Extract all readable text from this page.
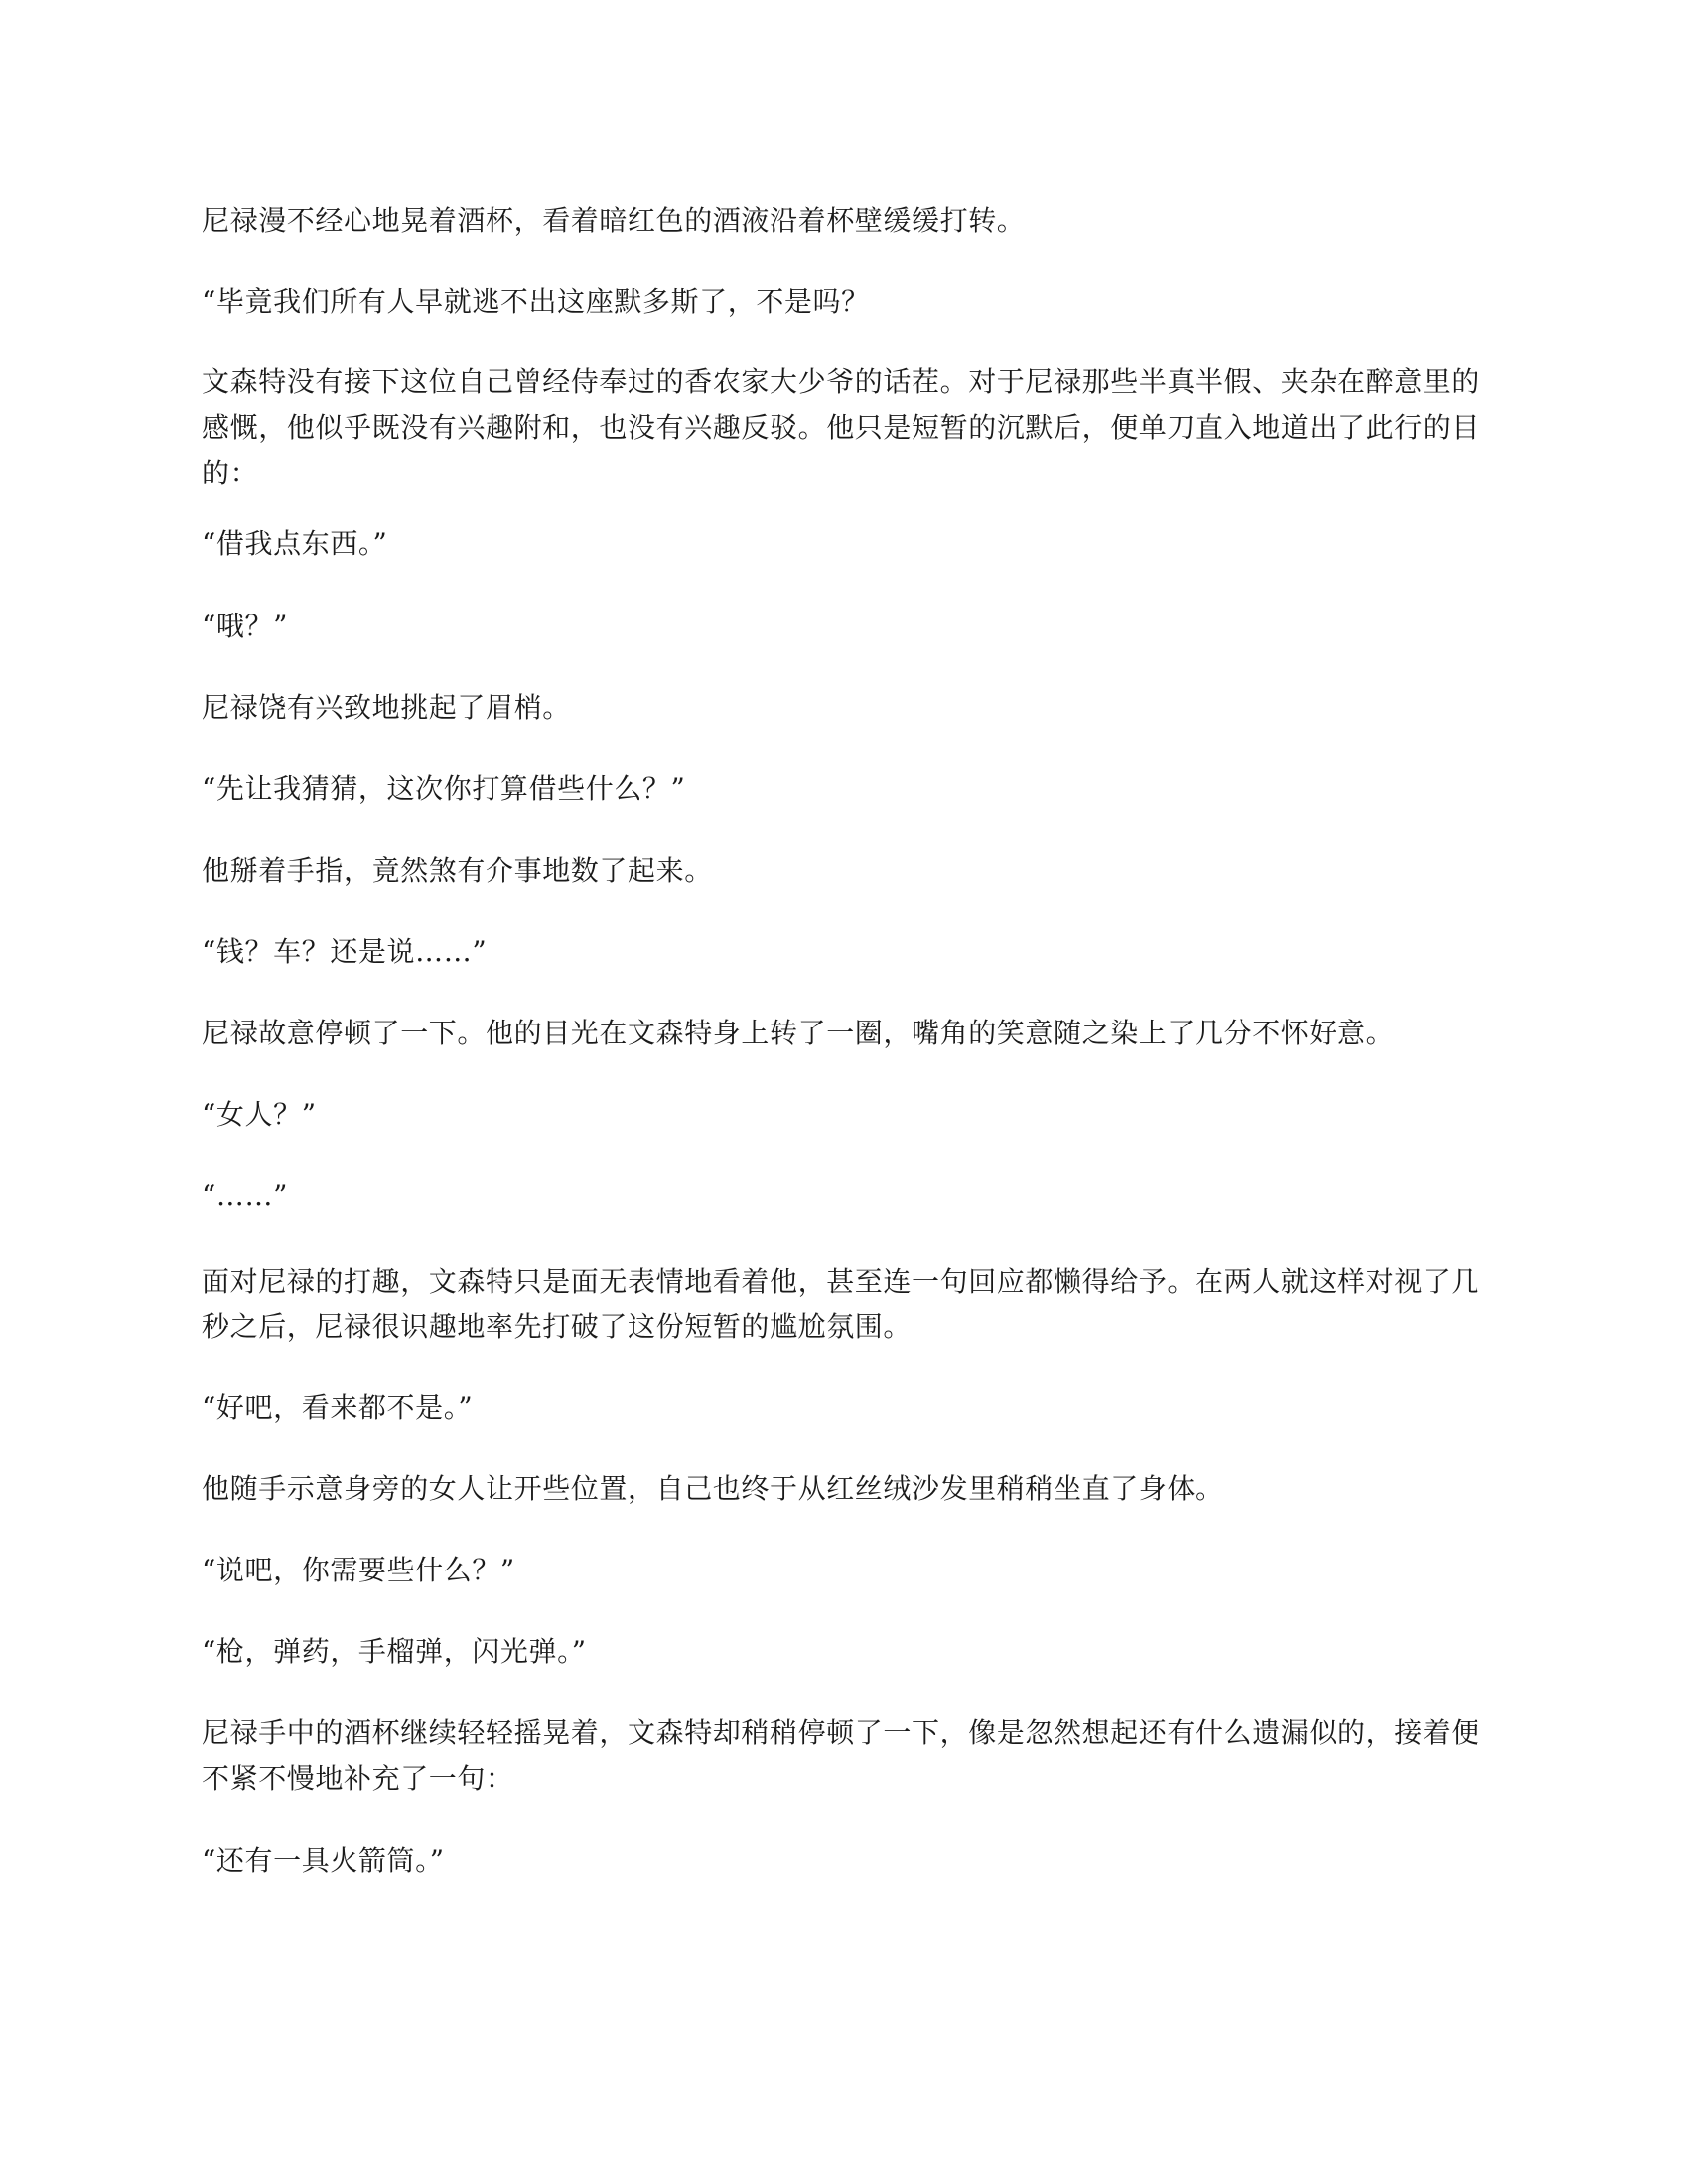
尼禄漫不经心地晃着酒杯，看着暗红色的酒液沿着杯壁缓缓打转。

“毕竟我们所有人早就逃不出这座默多斯了，不是吗？

文森特没有接下这位自己曾经侍奉过的香农家大少爷的话茬。对于尼禄那些半真半假、夹杂在醉意里的感慨，他似乎既没有兴趣附和，也没有兴趣反驳。他只是短暂的沉默后，便单刀直入地道出了此行的目的：

“借我点东西。”

“哦？”

尼禄饶有兴致地挑起了眉梢。

“先让我猜猜，这次你打算借些什么？”

他掰着手指，竟然煞有介事地数了起来。

“钱？车？还是说……”

尼禄故意停顿了一下。他的目光在文森特身上转了一圈，嘴角的笑意随之染上了几分不怀好意。

“女人？”

“……”

面对尼禄的打趣，文森特只是面无表情地看着他，甚至连一句回应都懒得给予。在两人就这样对视了几秒之后，尼禄很识趣地率先打破了这份短暂的尴尬氛围。

“好吧，看来都不是。”

他随手示意身旁的女人让开些位置，自己也终于从红丝绒沙发里稍稍坐直了身体。

“说吧，你需要些什么？”

“枪，弹药，手榴弹，闪光弹。”

尼禄手中的酒杯继续轻轻摇晃着，文森特却稍稍停顿了一下，像是忽然想起还有什么遗漏似的，接着便不紧不慢地补充了一句：

“还有一具火箭筒。”
